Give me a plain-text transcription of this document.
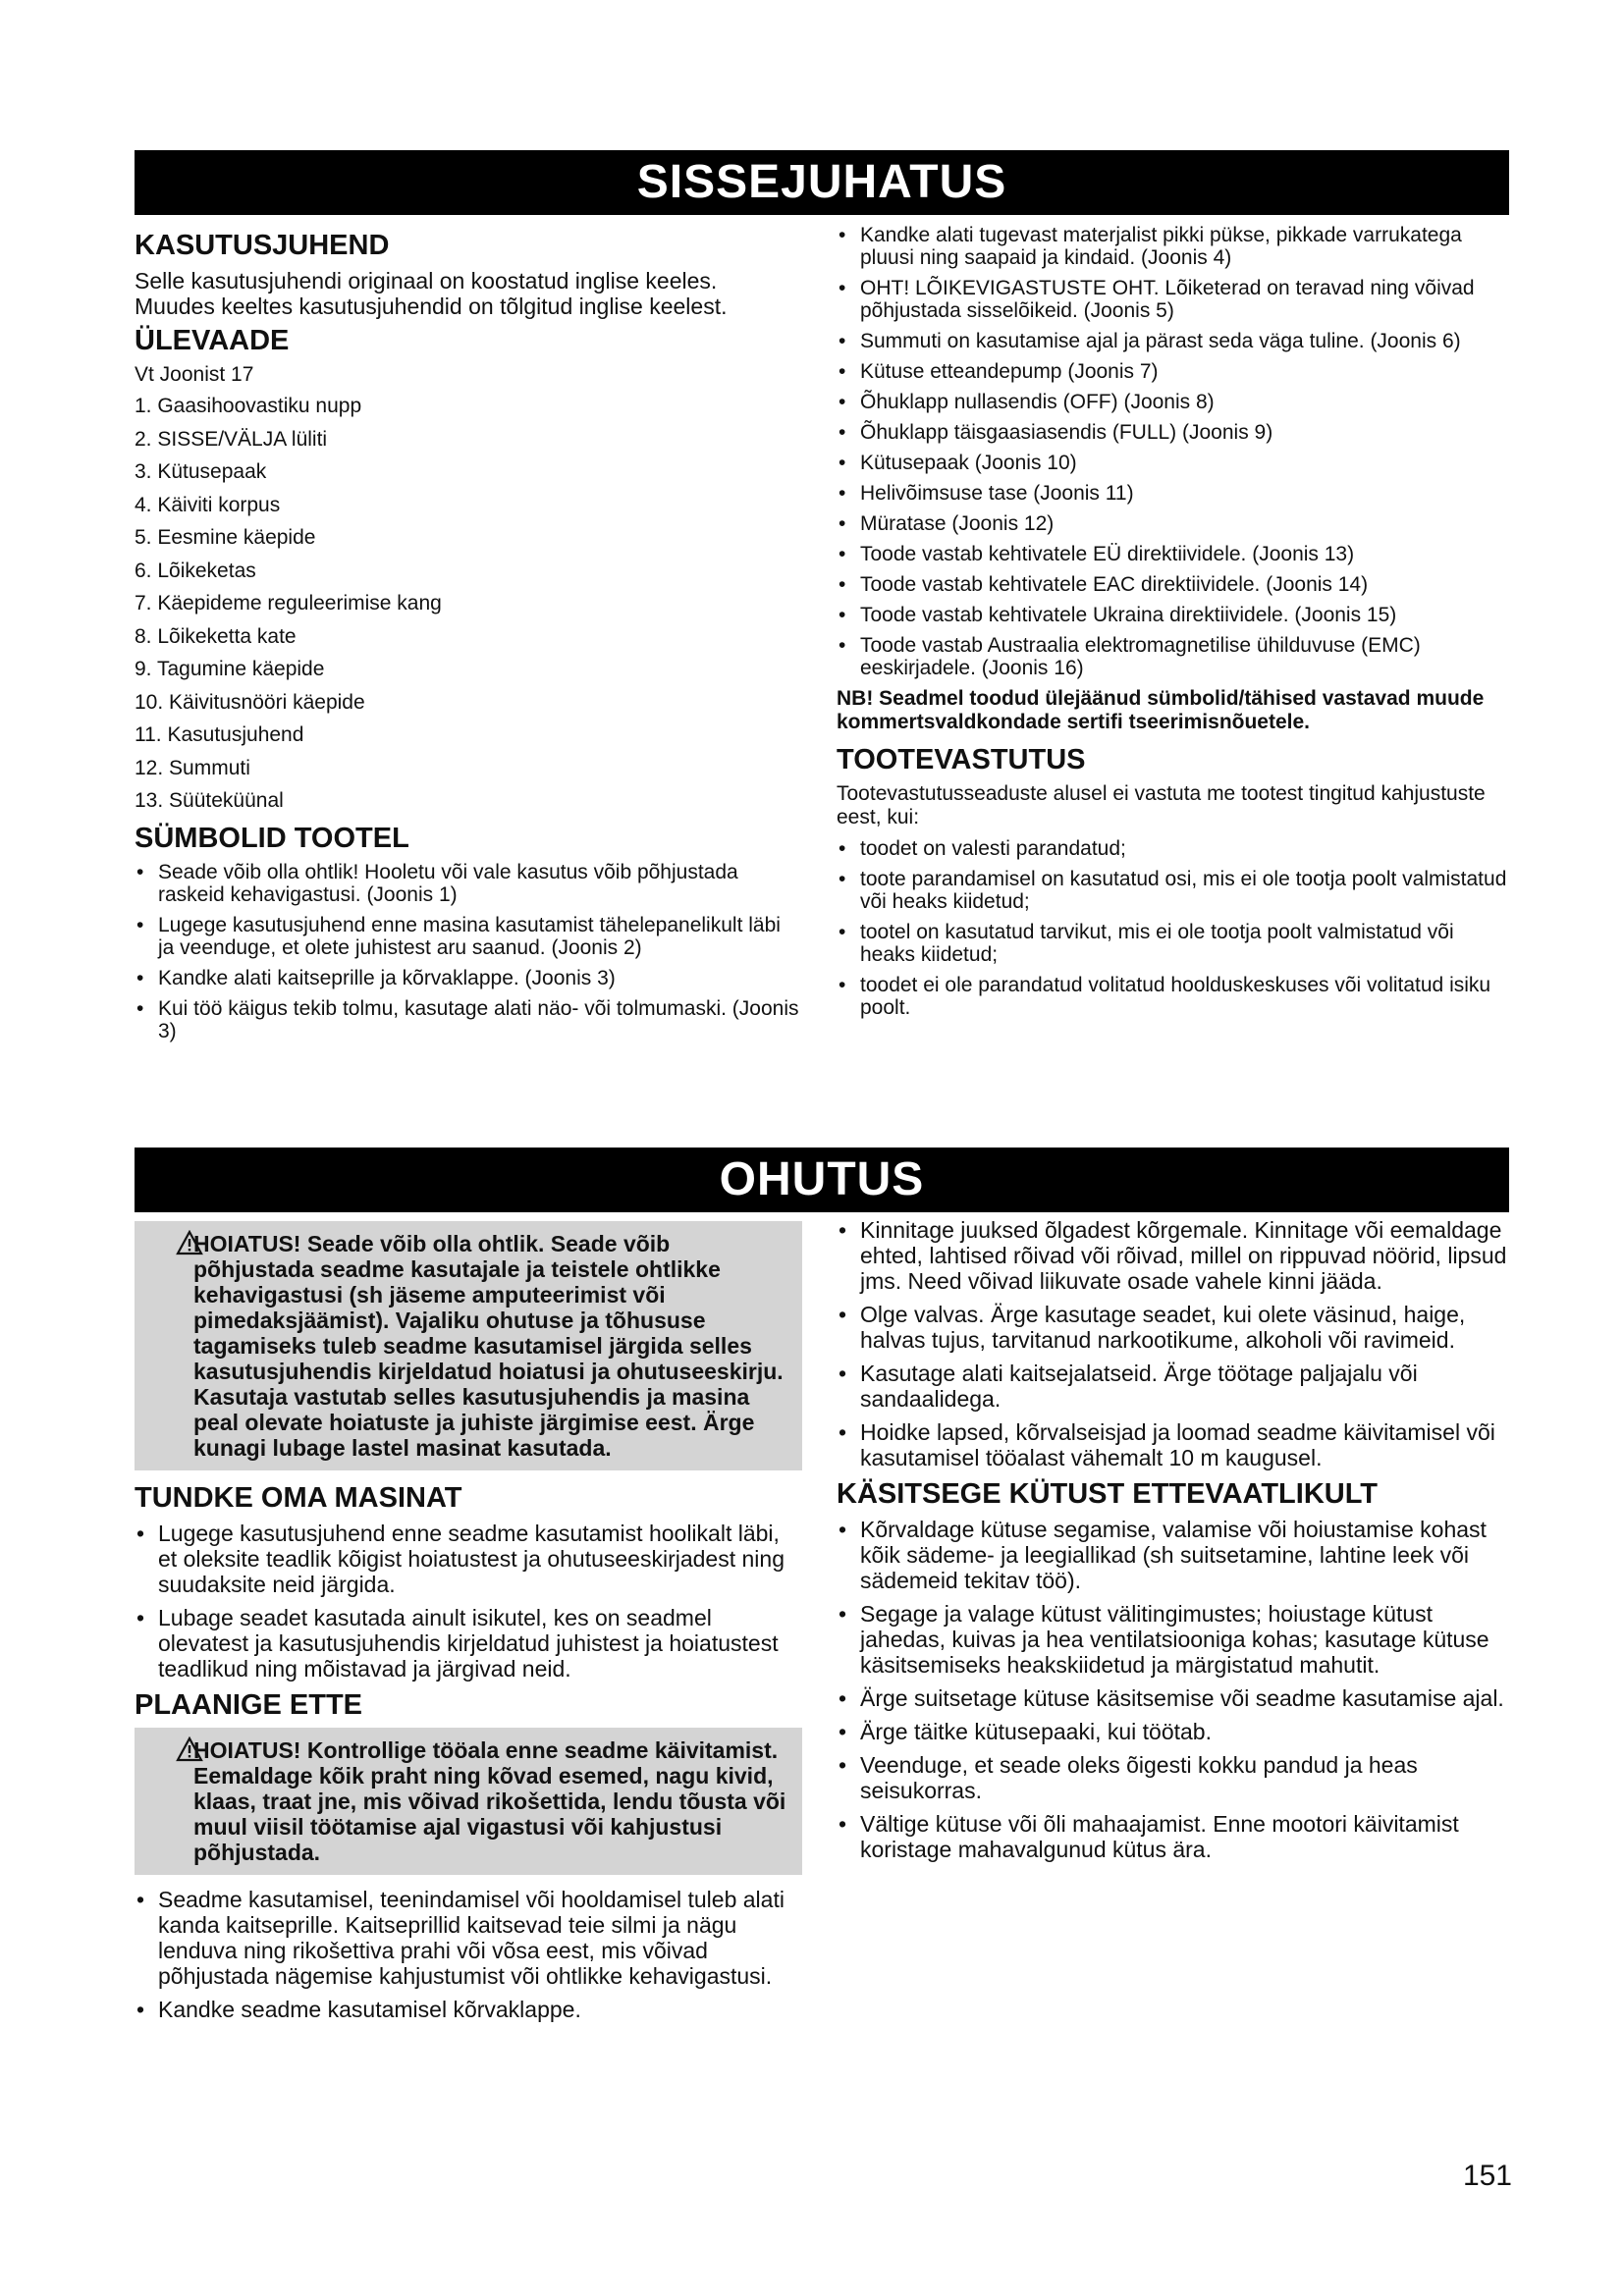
SISSEJUHATUS
KASUTUSJUHEND

Selle kasutusjuhendi originaal on koostatud inglise keeles. Muudes keeltes kasutusjuhendid on tõlgitud inglise keelest.

ÜLEVAADE

Vt Joonist 17

1. Gaasihoovastiku nupp
2. SISSE/VÄLJA lüliti
3. Kütusepaak
4. Käiviti korpus
5. Eesmine käepide
6. Lõikeketas
7. Käepideme reguleerimise kang
8. Lõikeketta kate
9. Tagumine käepide
10. Käivitusnööri käepide
11. Kasutusjuhend
12. Summuti
13. Süüteküünal
SÜMBOLID TOOTEL
• Seade võib olla ohtlik! Hooletu või vale kasutus võib põhjustada raskeid kehavigastusi. (Joonis 1)
• Lugege kasutusjuhend enne masina kasutamist tähelepanelikult läbi ja veenduge, et olete juhistest aru saanud. (Joonis 2)
• Kandke alati kaitseprille ja kõrvaklappe. (Joonis 3)
• Kui töö käigus tekib tolmu, kasutage alati näo- või tolmumaski. (Joonis 3)
• Kandke alati tugevast materjalist pikki pükse, pikkade varrukatega pluusi ning saapaid ja kindaid. (Joonis 4)
• OHT! LÕIKEVIGASTUSTE OHT. Lõiketerad on teravad ning võivad põhjustada sisselõikeid. (Joonis 5)
• Summuti on kasutamise ajal ja pärast seda väga tuline. (Joonis 6)
• Kütuse etteandepump (Joonis 7)
• Õhuklapp nullasendis (OFF) (Joonis 8)
• Õhuklapp täisgaasiasendis (FULL) (Joonis 9)
• Kütusepaak (Joonis 10)
• Helivõimsuse tase (Joonis 11)
• Müratase (Joonis 12)
• Toode vastab kehtivatele EÜ direktiividele. (Joonis 13)
• Toode vastab kehtivatele EAC direktiividele. (Joonis 14)
• Toode vastab kehtivatele Ukraina direktiividele. (Joonis 15)
• Toode vastab Austraalia elektromagnetilise ühilduvuse (EMC) eeskirjadele. (Joonis 16)
NB! Seadmel toodud ülejäänud sümbolid/tähised vastavad muude kommertsvaldkondade sertifi tseerimisnõuetele.
TOOTEVASTUTUS

Tootevastutusseaduste alusel ei vastuta me tootest tingitud kahjustuste eest, kui:

• toodet on valesti parandatud;
• toote parandamisel on kasutatud osi, mis ei ole tootja poolt valmistatud või heaks kiidetud;
• tootel on kasutatud tarvikut, mis ei ole tootja poolt valmistatud või heaks kiidetud;
• toodet ei ole parandatud volitatud hoolduskeskuses või volitatud isiku poolt.
OHUTUS
HOIATUS! Seade võib olla ohtlik. Seade võib põhjustada seadme kasutajale ja teistele ohtlikke kehavigastusi (sh jäseme amputeerimist või pimedaksjäämist). Vajaliku ohutuse ja tõhususe tagamiseks tuleb seadme kasutamisel järgida selles kasutusjuhendis kirjeldatud hoiatusi ja ohutuseeskirju. Kasutaja vastutab selles kasutusjuhendis ja masina peal olevate hoiatuste ja juhiste järgimise eest. Ärge kunagi lubage lastel masinat kasutada.
TUNDKE OMA MASINAT
• Lugege kasutusjuhend enne seadme kasutamist hoolikalt läbi, et oleksite teadlik kõigist hoiatustest ja ohutuseeskirjadest ning suudaksite neid järgida.
• Lubage seadet kasutada ainult isikutel, kes on seadmel olevatest ja kasutusjuhendis kirjeldatud juhistest ja hoiatustest teadlikud ning mõistavad ja järgivad neid.
PLAANIGE ETTE
HOIATUS! Kontrollige tööala enne seadme käivitamist. Eemaldage kõik praht ning kõvad esemed, nagu kivid, klaas, traat jne, mis võivad rikošettida, lendu tõusta või muul viisil töötamise ajal vigastusi või kahjustusi põhjustada.
• Seadme kasutamisel, teenindamisel või hooldamisel tuleb alati kanda kaitseprille. Kaitseprillid kaitsevad teie silmi ja nägu lenduva ning rikošettiva prahi või võsa eest, mis võivad põhjustada nägemise kahjustumist või ohtlikke kehavigastusi.
• Kandke seadme kasutamisel kõrvaklappe.
• Kinnitage juuksed õlgadest kõrgemale. Kinnitage või eemaldage ehted, lahtised rõivad või rõivad, millel on rippuvad nöörid, lipsud jms. Need võivad liikuvate osade vahele kinni jääda.
• Olge valvas. Ärge kasutage seadet, kui olete väsinud, haige, halvas tujus, tarvitanud narkootikume, alkoholi või ravimeid.
• Kasutage alati kaitsejalatseid. Ärge töötage paljajalu või sandaalidega.
• Hoidke lapsed, kõrvalseisjad ja loomad seadme käivitamisel või kasutamisel tööalast vähemalt 10 m kaugusel.
KÄSITSEGE KÜTUST ETTEVAATLIKULT
• Kõrvaldage kütuse segamise, valamise või hoiustamise kohast kõik sädeme- ja leegiallikad (sh suitsetamine, lahtine leek või sädemeid tekitav töö).
• Segage ja valage kütust välitingimustes; hoiustage kütust jahedas, kuivas ja hea ventilatsiooniga kohas; kasutage kütuse käsitsemiseks heakskiidetud ja märgistatud mahutit.
• Ärge suitsetage kütuse käsitsemise või seadme kasutamise ajal.
• Ärge täitke kütusepaaki, kui töötab.
• Veenduge, et seade oleks õigesti kokku pandud ja heas seisukorras.
• Vältige kütuse või õli mahaajamist. Enne mootori käivitamist koristage mahavalgunud kütus ära.
151
